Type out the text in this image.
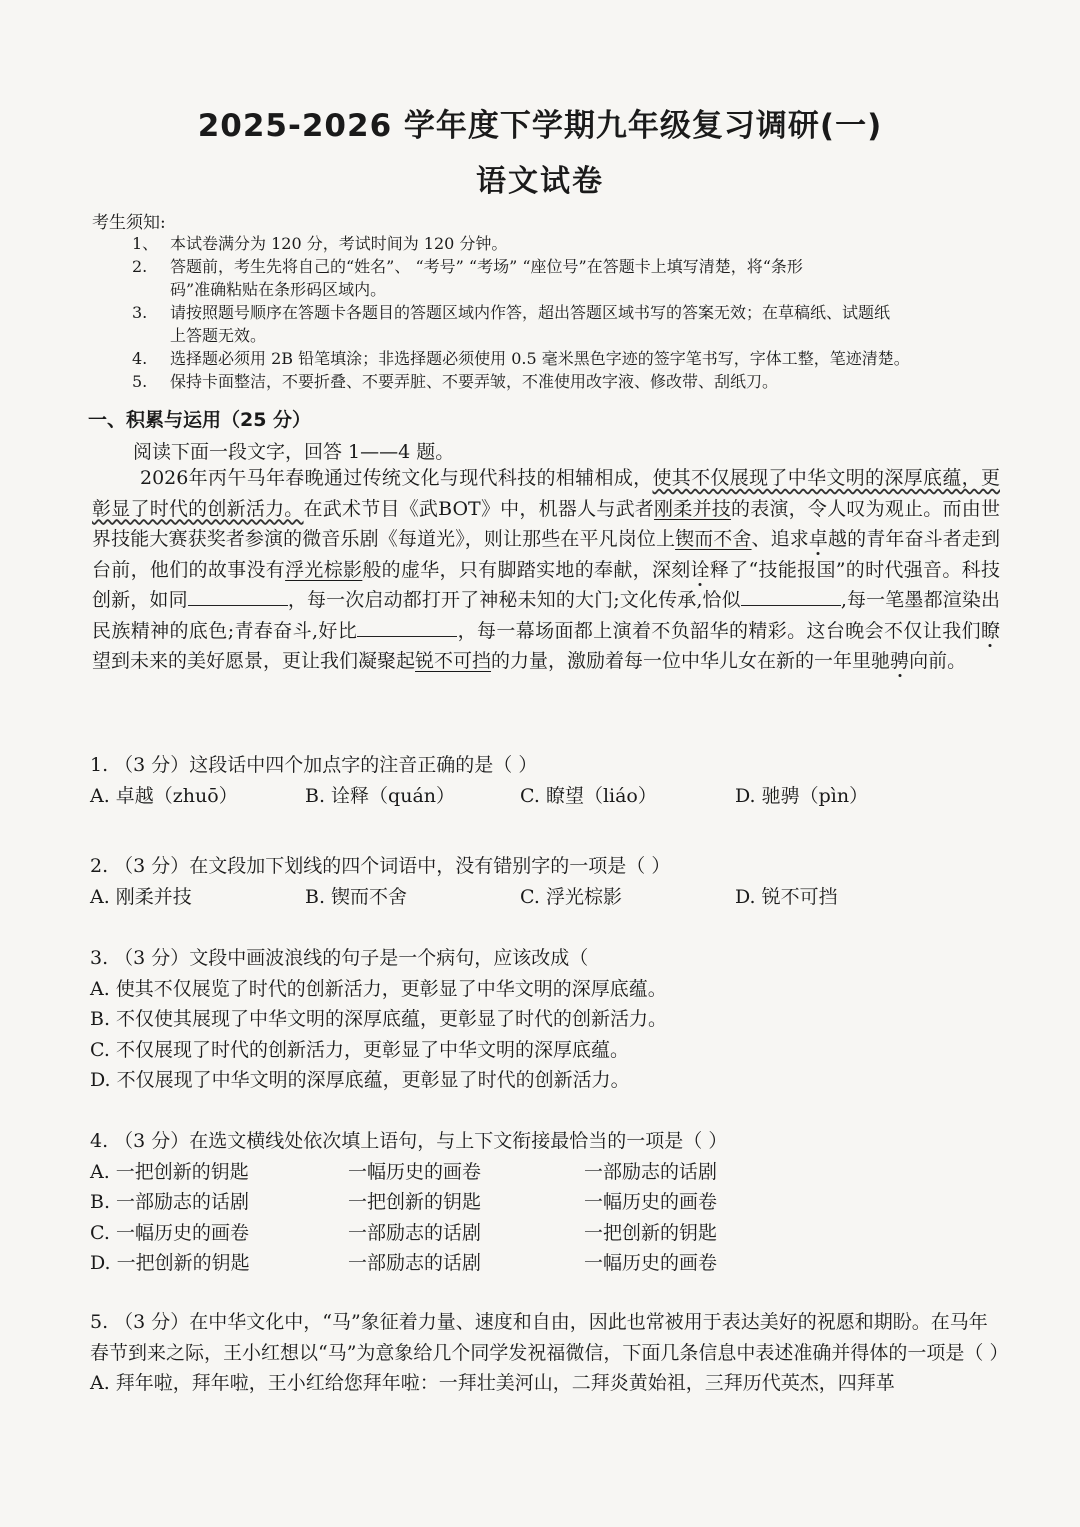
2025-2026 学年度下学期九年级复习调研(一)
语文试卷
考生须知:
1、 本试卷满分为 120 分，考试时间为 120 分钟。
2.	答题前，考生先将自己的“姓名”、 “考号” “考场” “座位号”在答题卡上填写清楚，将“条形
码”准确粘贴在条形码区域内。
3.	请按照题号顺序在答题卡各题目的答题区域内作答，超出答题区域书写的答案无效；在草稿纸、试题纸
上答题无效。
4.	选择题必须用 2B 铅笔填涂；非选择题必须使用 0.5 毫米黑色字迹的签字笔书写，字体工整，笔迹清楚。
5.	保持卡面整洁，不要折叠、不要弄脏、不要弄皱，不准使用改字液、修改带、刮纸刀。
一、积累与运用（25 分）
阅读下面一段文字，回答 1——4 题。

2026年丙午马年春晚通过传统文化与现代科技的相辅相成，使其不仅展现了中华文明的深厚底蕴，更彰显了时代的创新活力。在武术节目《武BOT》中，机器人与武者刚柔并技的表演，令人叹为观止。而由世界技能大赛获奖者参演的微音乐剧《每道光》，则让那些在平凡岗位上锲而不舍、追求卓越的青年奋斗者走到台前，他们的故事没有浮光棕影般的虚华，只有脚踏实地的奉献，深刻诠释了“技能报国”的时代强音。科技创新，如同	，每一次启动都打开了神秘未知的大门;文化传承,恰似	,每一笔墨都渲染出民族精神的底色;青春奋斗,好比	，每一幕场面都上演着不负韶华的精彩。这台晚会不仅让我们瞭望到未来的美好愿景，更让我们凝聚起锐不可挡的力量，激励着每一位中华儿女在新的一年里驰骋向前。

1. （3 分）这段话中四个加点字的注音正确的是（ ）

A. 卓越（zhuō）	B. 诠释（quán）	C. 瞭望（liáo）	D. 驰骋（pìn）

2. （3 分）在文段加下划线的四个词语中，没有错别字的一项是（ ）

A. 刚柔并技	B. 锲而不舍	C. 浮光棕影	D. 锐不可挡

3. （3 分）文段中画波浪线的句子是一个病句，应该改成（

A. 使其不仅展览了时代的创新活力，更彰显了中华文明的深厚底蕴。

B. 不仅使其展现了中华文明的深厚底蕴，更彰显了时代的创新活力。

C. 不仅展现了时代的创新活力，更彰显了中华文明的深厚底蕴。

D. 不仅展现了中华文明的深厚底蕴，更彰显了时代的创新活力。

4. （3 分）在选文横线处依次填上语句，与上下文衔接最恰当的一项是（ ）

A. 一把创新的钥匙	一幅历史的画卷	一部励志的话剧
B. 一部励志的话剧	一把创新的钥匙	一幅历史的画卷
C. 一幅历史的画卷	一部励志的话剧	一把创新的钥匙
D. 一把创新的钥匙	一部励志的话剧	一幅历史的画卷

5. （3 分）在中华文化中，“马”象征着力量、速度和自由，因此也常被用于表达美好的祝愿和期盼。在马年春节到来之际，王小红想以“马”为意象给几个同学发祝福微信，下面几条信息中表述准确并得体的一项是（ ）

A. 拜年啦，拜年啦，王小红给您拜年啦：一拜壮美河山，二拜炎黄始祖，三拜历代英杰，四拜革
